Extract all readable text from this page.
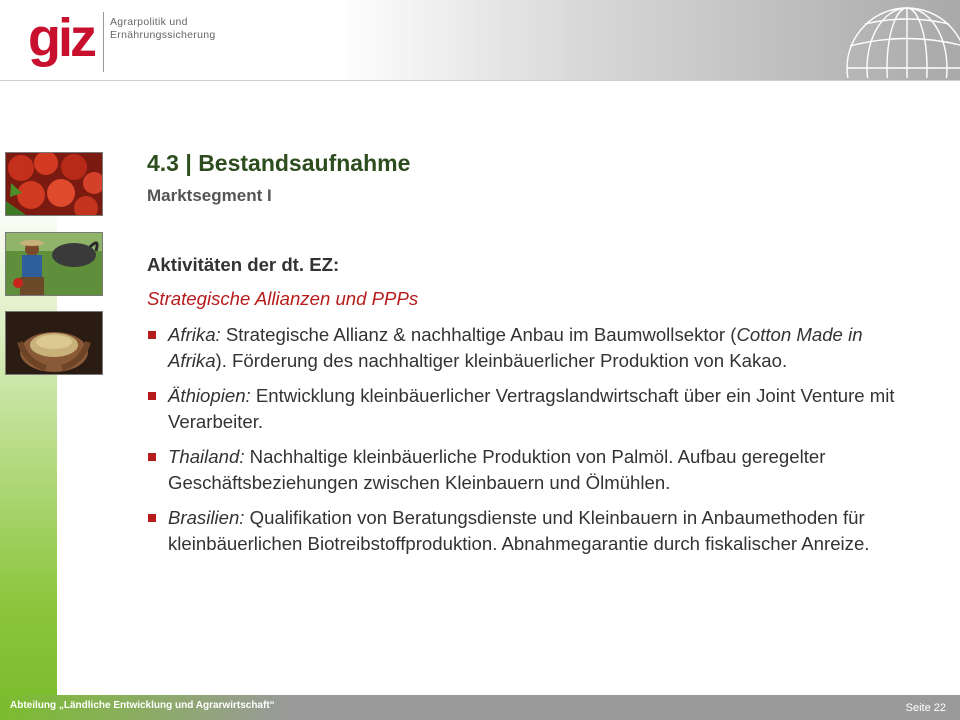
giz Agrarpolitik und
Ernährungssicherung
4.3 | Bestandsaufnahme
Marktsegment I
Aktivitäten der dt. EZ:
Strategische Allianzen und PPPs
Afrika: Strategische Allianz & nachhaltige Anbau im Baumwollsektor (Cotton Made in Afrika). Förderung des nachhaltiger kleinbäuerlicher Produktion von Kakao.
Äthiopien: Entwicklung kleinbäuerlicher Vertragslandwirtschaft über ein Joint Venture mit Verarbeiter.
Thailand: Nachhaltige kleinbäuerliche Produktion von Palmöl. Aufbau geregelter Geschäftsbeziehungen zwischen Kleinbauern und Ölmühlen.
Brasilien: Qualifikation von Beratungsdienste und Kleinbauern in Anbaumethoden für kleinbäuerlichen Biotreibstoffproduktion. Abnahmegarantie durch fiskalischer Anreize.
Abteilung „Ländliche Entwicklung und Agrarwirtschaft“	Seite 22
